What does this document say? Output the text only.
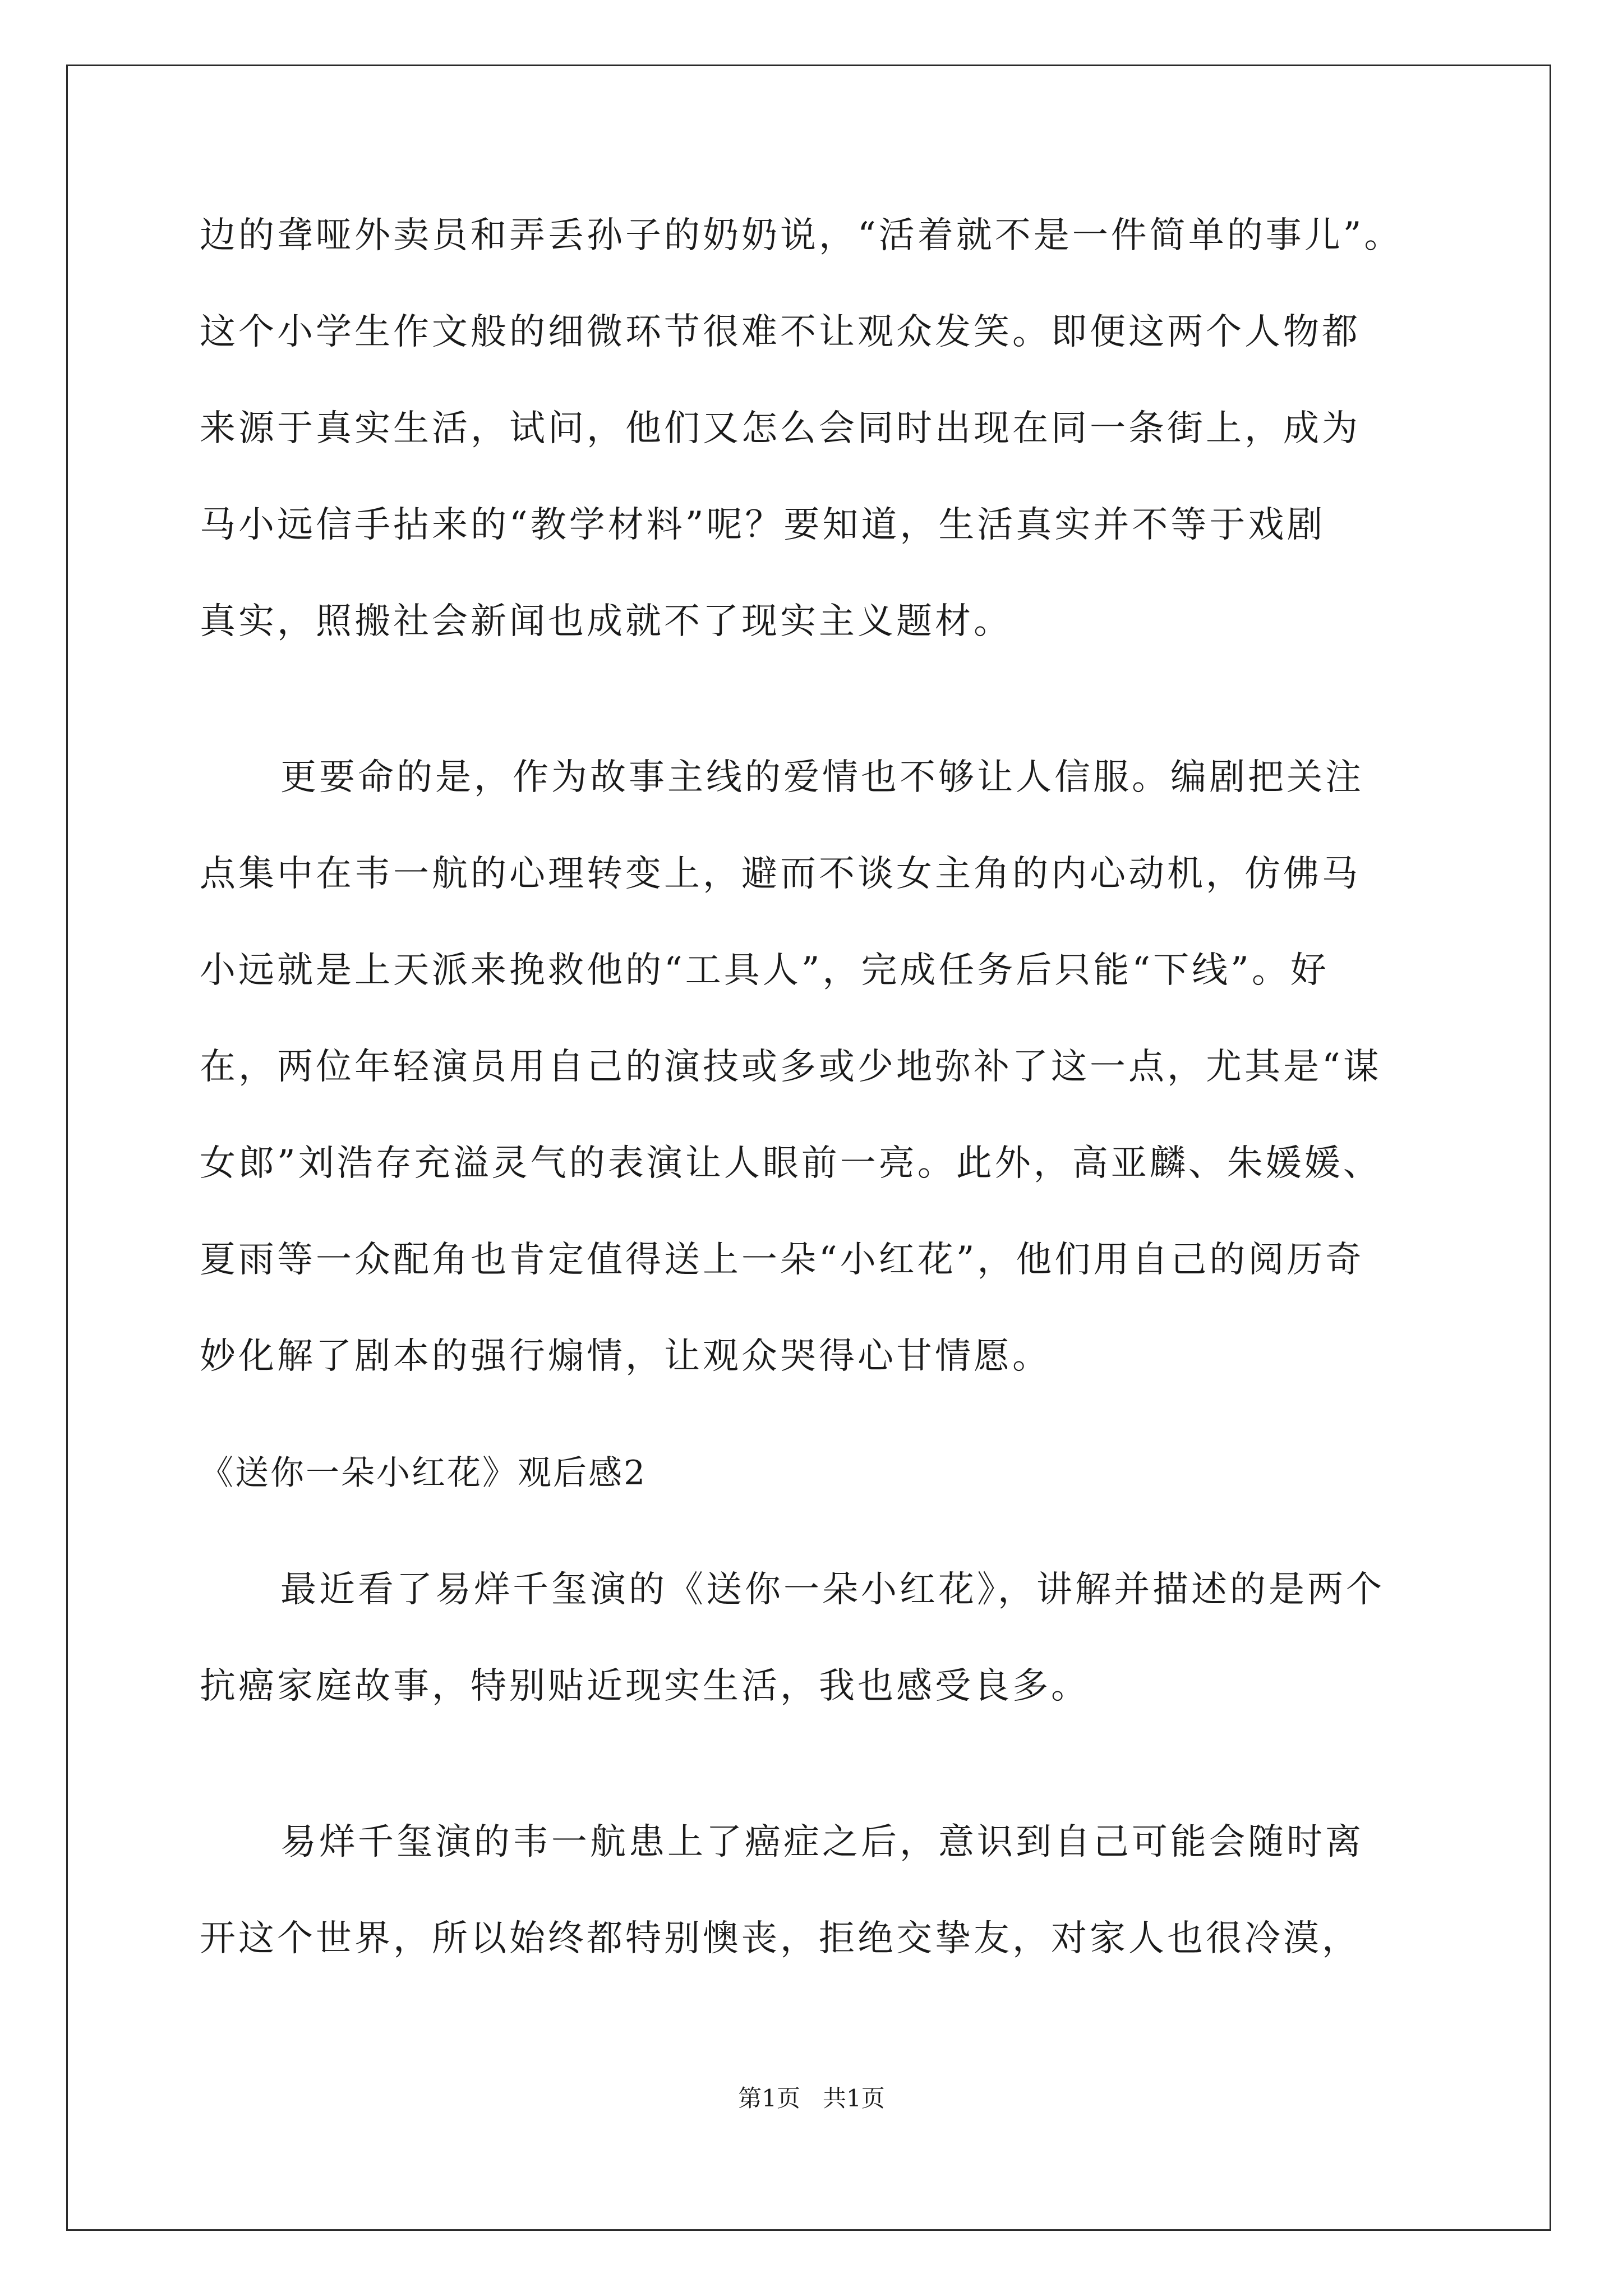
边的聋哑外卖员和弄丢孙子的奶奶说，“活着就不是一件简单的事儿”。
这个小学生作文般的细微环节很难不让观众发笑。即便这两个人物都
来源于真实生活，试问，他们又怎么会同时出现在同一条街上，成为
马小远信手拈来的“教学材料”呢？要知道，生活真实并不等于戏剧
真实，照搬社会新闻也成就不了现实主义题材。
更要命的是，作为故事主线的爱情也不够让人信服。编剧把关注
点集中在韦一航的心理转变上，避而不谈女主角的内心动机，仿佛马
小远就是上天派来挽救他的“工具人”，完成任务后只能“下线”。好
在，两位年轻演员用自己的演技或多或少地弥补了这一点，尤其是“谋
女郎”刘浩存充溢灵气的表演让人眼前一亮。此外，高亚麟、朱媛媛、
夏雨等一众配角也肯定值得送上一朵“小红花”，他们用自己的阅历奇
妙化解了剧本的强行煽情，让观众哭得心甘情愿。
《送你一朵小红花》观后感2
最近看了易烊千玺演的《送你一朵小红花》，讲解并描述的是两个
抗癌家庭故事，特别贴近现实生活，我也感受良多。
易烊千玺演的韦一航患上了癌症之后，意识到自己可能会随时离
开这个世界，所以始终都特别懊丧，拒绝交挚友，对家人也很冷漠，
第1页   共1页
